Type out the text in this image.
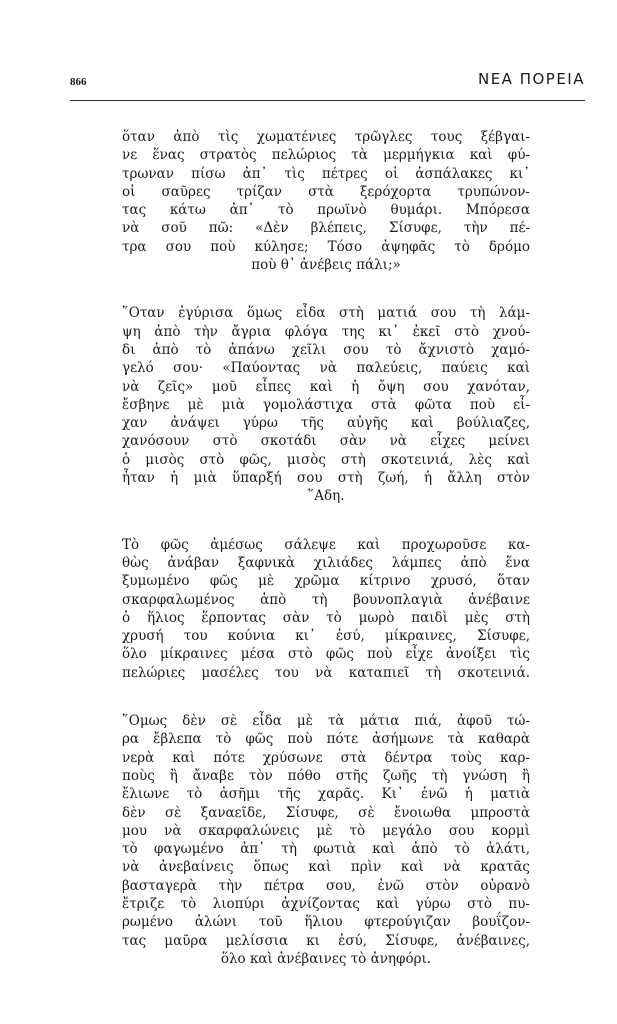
866	ΝΕΑ ΠΟΡΕΙΑ
ὅταν ἀπὸ τὶς χωματένιες τρῶγλες τους ξέβγαι-
νε ἕνας στρατὸς πελώριος τὰ μερμήγκια καὶ φύ-
τρωναν πίσω ἀπ᾽ τὶς πέτρες οἱ ἀσπάλακες κι᾽
οἱ σαῦρες τρίζαν στὰ ξερόχορτα τρυπώνον-
τας κάτω ἀπ᾽ τὸ πρωϊνὸ θυμάρι. Μπόρεσα
νὰ σοῦ πῶ: «Δὲν βλέπεις, Σίσυφε, τὴν πέ-
τρα σου ποὺ κύλησε; Τόσο ἀψηφᾶς τὸ δρόμο
ποὺ θ᾽ ἀνέβεις πάλι;»
῞Οταν ἐγύρισα ὅμως εἶδα στὴ ματιά σου τὴ λάμ-
ψη ἀπὸ τὴν ἄγρια φλόγα της κι᾽ ἐκεῖ στὸ χνού-
δι ἀπὸ τὸ ἀπάνω χεῖλι σου τὸ ἄχνιστὸ χαμό-
γελό σου· «Παύοντας νὰ παλεύεις, παύεις καὶ
νὰ ζεῖς» μοῦ εἶπες καὶ ἡ ὄψη σου χανόταν,
ἔσβηνε μὲ μιὰ γομολάστιχα στὰ φῶτα ποὺ εἶ-
χαν ἀνάψει γύρω τῆς αὐγῆς καὶ βούλιαζες,
χανόσουν στὸ σκοτάδι σὰν νὰ εἶχες μείνει
ὁ μισὸς στὸ φῶς, μισὸς στὴ σκοτεινιά, λὲς καὶ
ἦταν ἡ μιὰ ὕπαρξή σου στὴ ζωή, ἡ ἄλλη στὸν
῞Αδη.
Τὸ φῶς ἀμέσως σάλεψε καὶ προχωροῦσε κα-
θὼς ἀνάβαν ξαφνικὰ χιλιάδες λάμπες ἀπὸ ἕνα
ξυμωμένο φῶς μὲ χρῶμα κίτρινο χρυσό, ὅταν
σκαρφαλωμένος ἀπὸ τὴ βουνοπλαγιὰ ἀνέβαινε
ὁ ἥλιος ἕρποντας σὰν τὸ μωρὸ παιδὶ μὲς στὴ
χρυσή του κούνια κι᾽ ἐσύ, μίκραινες, Σίσυφε,
ὅλο μίκραινες μέσα στὸ φῶς ποὺ εἶχε ἀνοίξει τὶς
πελώριες μασέλες του νὰ καταπιεῖ τὴ σκοτεινιά.
῞Ομως δὲν σὲ εἶδα μὲ τὰ μάτια πιά, ἀφοῦ τώ-
ρα ἔβλεπα τὸ φῶς ποὺ πότε ἀσήμωνε τὰ καθαρὰ
νερὰ καὶ πότε χρύσωνε στὰ δέντρα τοὺς καρ-
ποὺς ἢ ἄναβε τὸν πόθο στῆς ζωῆς τὴ γνώση ἢ
ἔλιωνε τὸ ἀσῆμι τῆς χαρᾶς. Κι᾽ ἐνῶ ἡ ματιὰ
δὲν σὲ ξαναεῖδε, Σίσυφε, σὲ ἔνοιωθα μπροστὰ
μου νὰ σκαρφαλώνεις μὲ τὸ μεγάλο σου κορμὶ
τὸ φαγωμένο ἀπ᾽ τὴ φωτιὰ καὶ ἀπὸ τὸ ἁλάτι,
νὰ ἀνεβαίνεις ὅπως καὶ πρὶν καὶ νὰ κρατᾶς
βασταγερὰ τὴν πέτρα σου, ἐνῶ στὸν οὐρανὸ
ἔτριζε τὸ λιοπύρι ἀχνίζοντας καὶ γύρω στὸ πυ-
ρωμένο ἁλώνι τοῦ ἥλιου φτερούγιζαν βουΐζον-
τας μαῦρα μελίσσια κι ἐσύ, Σίσυφε, ἀνέβαινες,
ὅλο καὶ ἀνέβαινες τὸ ἀνηφόρι.
